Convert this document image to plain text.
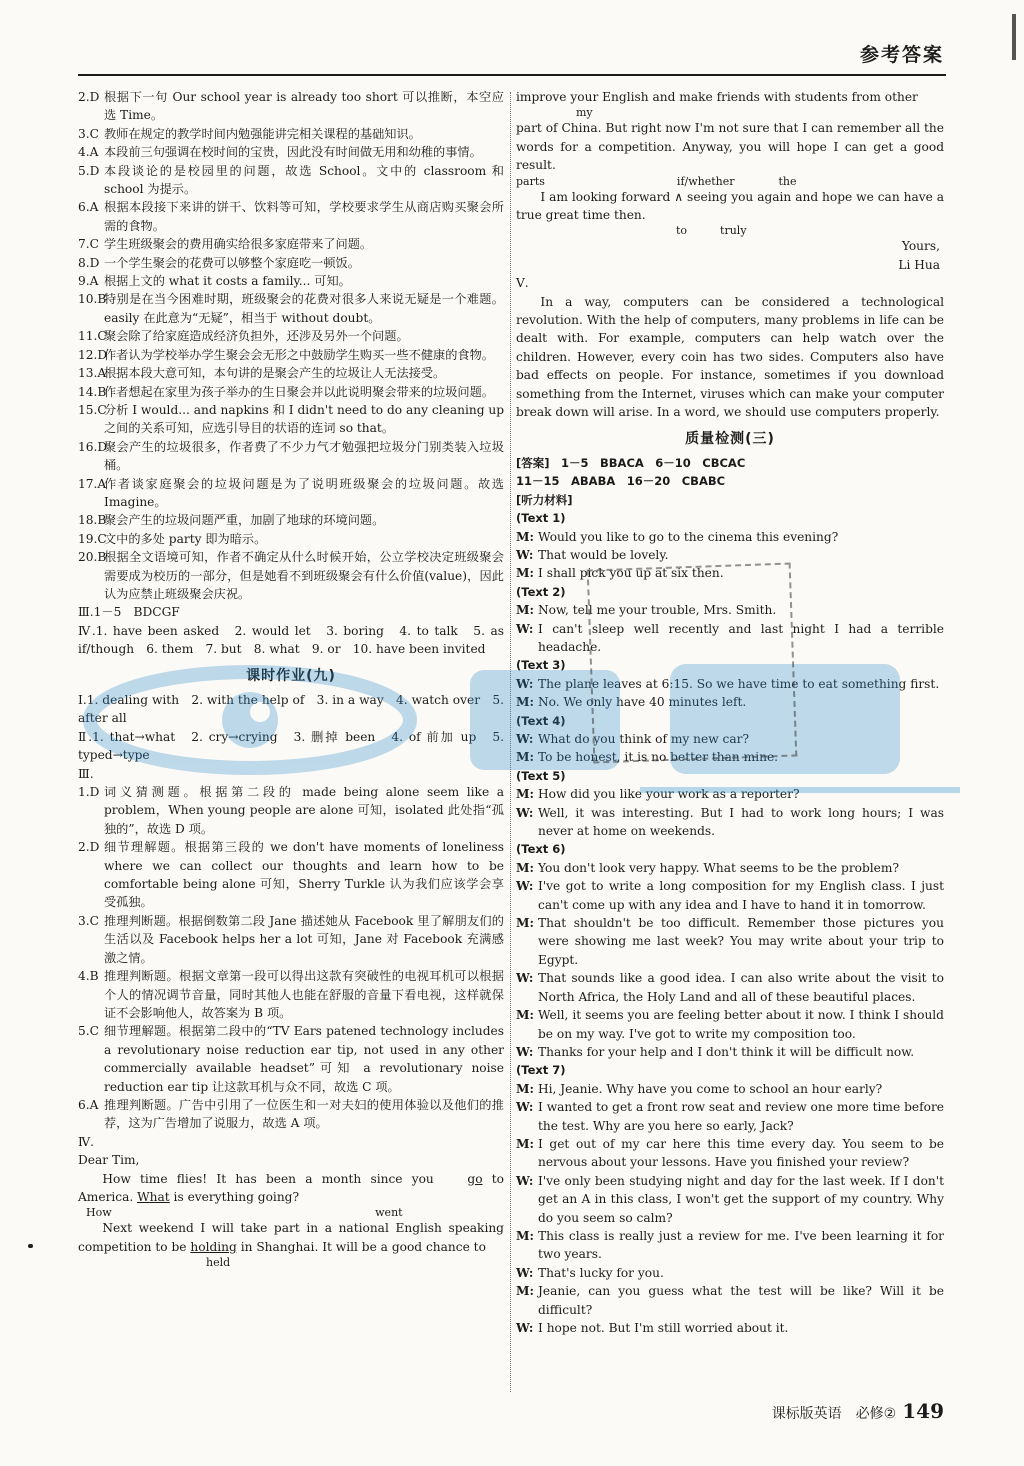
参考答案
2.D 根据下一句 Our school year is already too short 可以推断，本空应选 Time。
3.C 教师在规定的教学时间内勉强能讲完相关课程的基础知识。
4.A 本段前三句强调在校时间的宝贵，因此没有时间做无用和幼稚的事情。
5.D 本段谈论的是校园里的问题，故选 School。文中的 classroom 和 school 为提示。
6.A 根据本段接下来讲的饼干、饮料等可知，学校要求学生从商店购买聚会所需的食物。
7.C 学生班级聚会的费用确实给很多家庭带来了问题。
8.D 一个学生聚会的花费可以够整个家庭吃一顿饭。
9.A 根据上文的 what it costs a family... 可知。
10.B
特别是在当今困难时期，班级聚会的花费对很多人来说无疑是一个难题。easily 在此意为“无疑”，相当于 without doubt。
11.C
聚会除了给家庭造成经济负担外，还涉及另外一个问题。
12.D
作者认为学校举办学生聚会会无形之中鼓励学生购买一些不健康的食物。
13.A
根据本段大意可知，本句讲的是聚会产生的垃圾让人无法接受。
14.B
作者想起在家里为孩子举办的生日聚会并以此说明聚会带来的垃圾问题。
15.C
分析 I would... and napkins 和 I didn't need to do any cleaning up 之间的关系可知，应选引导目的状语的连词 so that。
16.D
聚会产生的垃圾很多，作者费了不少力气才勉强把垃圾分门别类装入垃圾桶。
17.A
作者谈家庭聚会的垃圾问题是为了说明班级聚会的垃圾问题。故选 Imagine。
18.B
聚会产生的垃圾问题严重，加剧了地球的环境问题。
19.C
文中的多处 party 即为暗示。
20.B
根据全文语境可知，作者不确定从什么时候开始，公立学校决定班级聚会需要成为校历的一部分，但是她看不到班级聚会有什么价值(value)，因此认为应禁止班级聚会庆祝。
Ⅲ.1－5　BDCGF
Ⅳ.1. have been asked　2. would let　3. boring　4. to talk　5. as if/though　6. them　7. but　8. what　9. or　10. have been invited
课时作业(九)
Ⅰ.1. dealing with　2. with the help of　3. in a way　4. watch over　5. after all
Ⅱ.1. that→what　2. cry→crying　3. 删掉 been　4. of 前加 up　5. typed→type
Ⅲ.
1.D 词义猜测题。根据第二段的 made being alone seem like a problem，When young people are alone 可知，isolated 此处指“孤独的”，故选 D 项。
2.D 细节理解题。根据第三段的 we don't have moments of loneliness where we can collect our thoughts and learn how to be comfortable being alone 可知，Sherry Turkle 认为我们应该学会享受孤独。
3.C 推理判断题。根据倒数第二段 Jane 描述她从 Facebook 里了解朋友们的生活以及 Facebook helps her a lot 可知，Jane 对 Facebook 充满感激之情。
4.B 推理判断题。根据文章第一段可以得出这款有突破性的电视耳机可以根据个人的情况调节音量，同时其他人也能在舒服的音量下看电视，这样就保证不会影响他人，故答案为 B 项。
5.C 细节理解题。根据第二段中的“TV Ears patened technology includes a revolutionary noise reduction ear tip, not used in any other commercially available headset”可知 a revolutionary noise reduction ear tip 让这款耳机与众不同，故选 C 项。
6.A 推理判断题。广告中引用了一位医生和一对夫妇的使用体验以及他们的推荐，这为广告增加了说服力，故选 A 项。
Ⅳ.
Dear Tim,
How time flies! It has been a month since you go to America. What is everything going?
How	went
Next weekend I will take part in a national English speaking competition to be holding in Shanghai. It will be a good chance to
held
improve your English and make friends with students from other
my
part of China. But right now I'm not sure that I can remember all the words for a competition. Anyway, you will hope I can get a good result.
parts　　　　　　　　　　　　if/whether　　　　the
I am looking forward ∧ seeing you again and hope we can have a true great time then.
to　　　truly
Yours,
Li Hua
Ⅴ.
In a way, computers can be considered a technological revolution. With the help of computers, many problems in life can be dealt with. For example, computers can help watch over the children. However, every coin has two sides. Computers also have bad effects on people. For instance, sometimes if you download something from the Internet, viruses which can make your computer break down will arise. In a word, we should use computers properly.
质量检测(三)
[答案]　1－5　BBACA　6－10　CBCAC
11－15　ABABA　16－20　CBABC
[听力材料]
(Text 1)
M: Would you like to go to the cinema this evening?
W: That would be lovely.
M: I shall pick you up at six then.
(Text 2)
M: Now, tell me your trouble, Mrs. Smith.
W: I can't sleep well recently and last night I had a terrible headache.
(Text 3)
W: The plane leaves at 6:15. So we have time to eat something first.
M: No. We only have 40 minutes left.
(Text 4)
W: What do you think of my new car?
M: To be honest, it is no better than mine.
(Text 5)
M: How did you like your work as a reporter?
W: Well, it was interesting. But I had to work long hours; I was never at home on weekends.
(Text 6)
M: You don't look very happy. What seems to be the problem?
W: I've got to write a long composition for my English class. I just can't come up with any idea and I have to hand it in tomorrow.
M: That shouldn't be too difficult. Remember those pictures you were showing me last week? You may write about your trip to Egypt.
W: That sounds like a good idea. I can also write about the visit to North Africa, the Holy Land and all of these beautiful places.
M: Well, it seems you are feeling better about it now. I think I should be on my way. I've got to write my composition too.
W: Thanks for your help and I don't think it will be difficult now.
(Text 7)
M: Hi, Jeanie. Why have you come to school an hour early?
W: I wanted to get a front row seat and review one more time before the test. Why are you here so early, Jack?
M: I get out of my car here this time every day. You seem to be nervous about your lessons. Have you finished your review?
W: I've only been studying night and day for the last week. If I don't get an A in this class, I won't get the support of my country. Why do you seem so calm?
M: This class is really just a review for me. I've been learning it for two years.
W: That's lucky for you.
M: Jeanie, can you guess what the test will be like? Will it be difficult?
W: I hope not. But I'm still worried about it.
课标版英语　必修② 149
